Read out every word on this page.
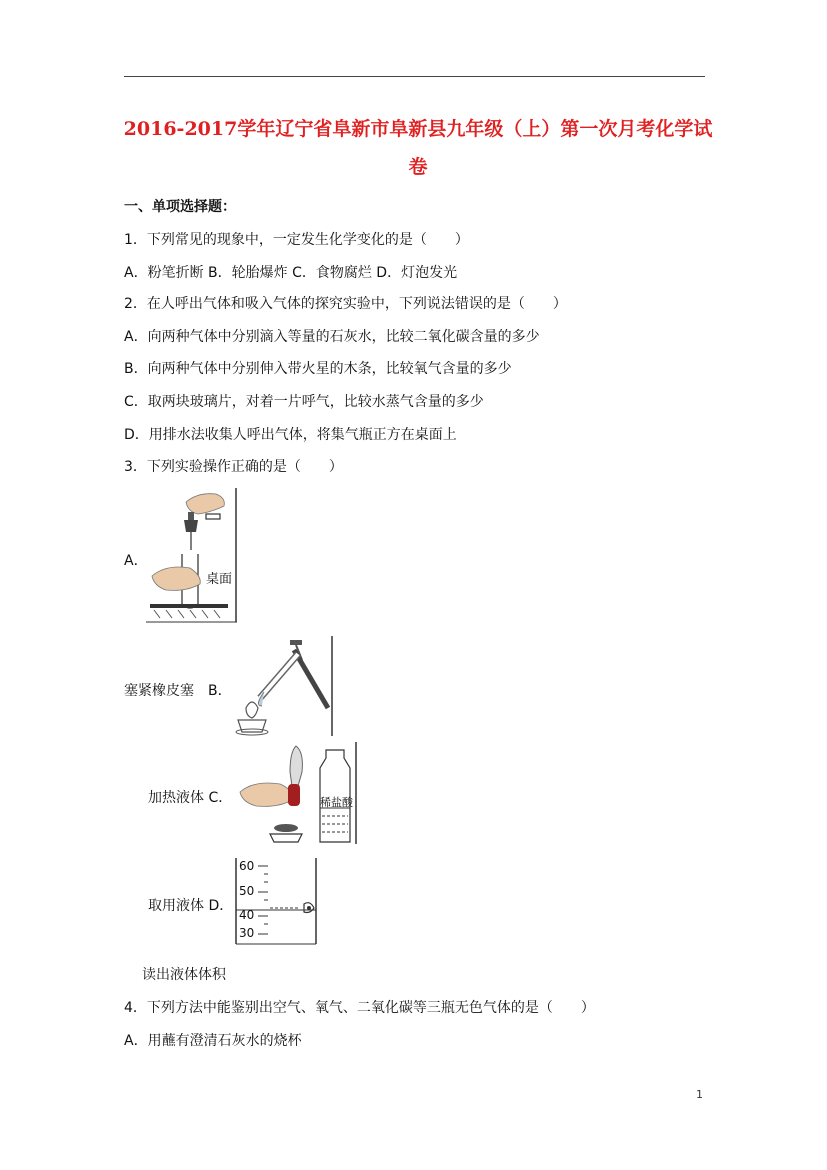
2016-2017学年辽宁省阜新市阜新县九年级（上）第一次月考化学试
卷
一、单项选择题：
1．下列常见的现象中，一定发生化学变化的是（　　）
A．粉笔折断 B．轮胎爆炸 C．食物腐烂 D．灯泡发光
2．在人呼出气体和吸入气体的探究实验中，下列说法错误的是（　　）
A．向两种气体中分别滴入等量的石灰水，比较二氧化碳含量的多少
B．向两种气体中分别伸入带火星的木条，比较氧气含量的多少
C．取两块玻璃片，对着一片呼气，比较水蒸气含量的多少
D．用排水法收集人呼出气体，将集气瓶正方在桌面上
3．下列实验操作正确的是（　　）
A．
桌面
塞紧橡皮塞　B．
加热液体 C．	稀盐酸
取用液体 D．
60
50
40
30
读出液体体积
4．下列方法中能鉴别出空气、氧气、二氧化碳等三瓶无色气体的是（　　）
A．用蘸有澄清石灰水的烧杯
1
